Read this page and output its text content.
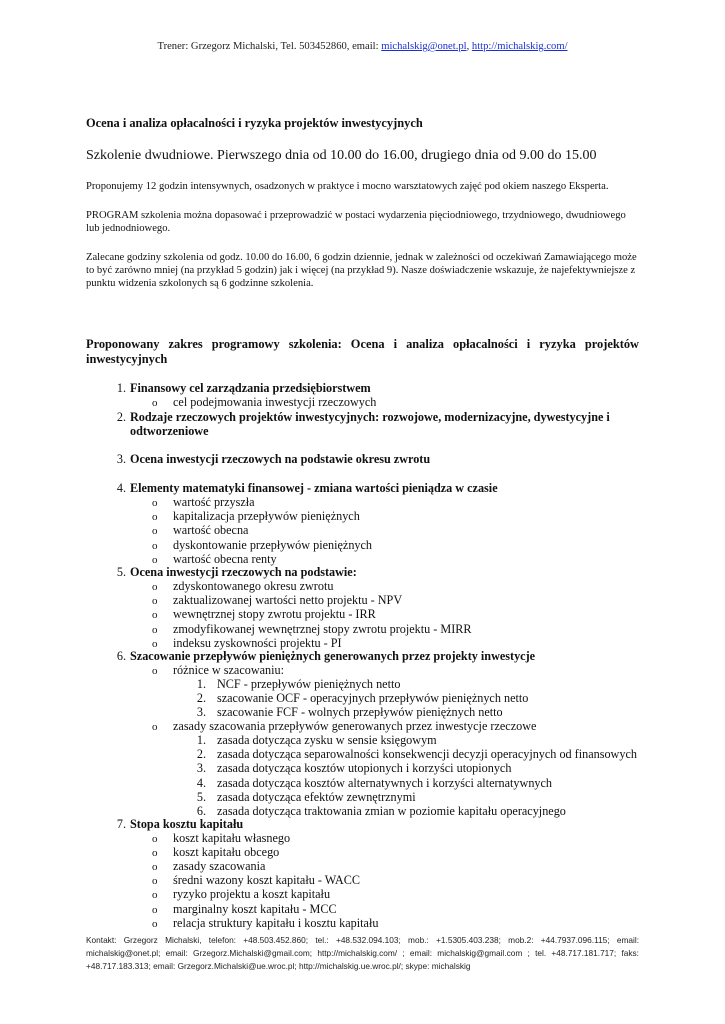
Trener: Grzegorz Michalski, Tel. 503452860, email: michalskig@onet.pl, http://michalskig.com/
Ocena i analiza opłacalności i ryzyka projektów inwestycyjnych
Szkolenie dwudniowe. Pierwszego dnia od 10.00 do 16.00, drugiego dnia od 9.00 do 15.00
Proponujemy 12 godzin intensywnych, osadzonych w praktyce i mocno warsztatowych zajęć pod okiem naszego Eksperta.
PROGRAM szkolenia można dopasować i przeprowadzić w postaci wydarzenia pięciodniowego, trzydniowego, dwudniowego lub jednodniowego.
Zalecane godziny szkolenia od godz. 10.00 do 16.00, 6 godzin dziennie, jednak w zależności od oczekiwań Zamawiającego może to być zarówno mniej (na przykład 5 godzin) jak i więcej (na przykład 9). Nasze doświadczenie wskazuje, że najefektywniejsze z punktu widzenia szkolonych są 6 godzinne szkolenia.
Proponowany zakres programowy szkolenia: Ocena i analiza opłacalności i ryzyka projektów inwestycyjnych
1. Finansowy cel zarządzania przedsiębiorstwem
o	cel podejmowania inwestycji rzeczowych
2. Rodzaje rzeczowych projektów inwestycyjnych: rozwojowe, modernizacyjne, dywestycyjne i
odtworzeniowe
3. Ocena inwestycji rzeczowych na podstawie okresu zwrotu
4. Elementy matematyki finansowej - zmiana wartości pieniądza w czasie
o	wartość przyszła
o	kapitalizacja przepływów pieniężnych
o	wartość obecna
o	dyskontowanie przepływów pieniężnych
o	wartość obecna renty
5. Ocena inwestycji rzeczowych na podstawie:
o	zdyskontowanego okresu zwrotu
o	zaktualizowanej wartości netto projektu - NPV
o	wewnętrznej stopy zwrotu projektu - IRR
o	zmodyfikowanej wewnętrznej stopy zwrotu projektu - MIRR
o	indeksu zyskowności projektu - PI
6. Szacowanie przepływów pieniężnych generowanych przez projekty inwestycje
o	różnice w szacowaniu:
1. NCF - przepływów pieniężnych netto
2. szacowanie OCF - operacyjnych przepływów pieniężnych netto
3. szacowanie FCF - wolnych przepływów pieniężnych netto
o	zasady szacowania przepływów generowanych przez inwestycje rzeczowe
1. zasada dotycząca zysku w sensie księgowym
2. zasada dotycząca separowalności konsekwencji decyzji operacyjnych od finansowych
3. zasada dotycząca kosztów utopionych i korzyści utopionych
4. zasada dotycząca kosztów alternatywnych i korzyści alternatywnych
5. zasada dotycząca efektów zewnętrznymi
6. zasada dotycząca traktowania zmian w poziomie kapitału operacyjnego
7. Stopa kosztu kapitału
o	koszt kapitału własnego
o	koszt kapitału obcego
o	zasady szacowania
o	średni wazony koszt kapitału - WACC
o	ryzyko projektu a koszt kapitału
o	marginalny koszt kapitału - MCC
o	relacja struktury kapitału i kosztu kapitału
Kontakt: Grzegorz Michalski, telefon: +48.503.452.860; tel.: +48.532.094.103; mob.: +1.5305.403.238; mob.2: +44.7937.096.115; email: michalskig@onet.pl; email: Grzegorz.Michalski@gmail.com; http://michalskig.com/ ; email: michalskig@gmail.com ; tel. +48.717.181.717; faks: +48.717.183.313; email: Grzegorz.Michalski@ue.wroc.pl; http://michalskig.ue.wroc.pl/; skype: michalskig
